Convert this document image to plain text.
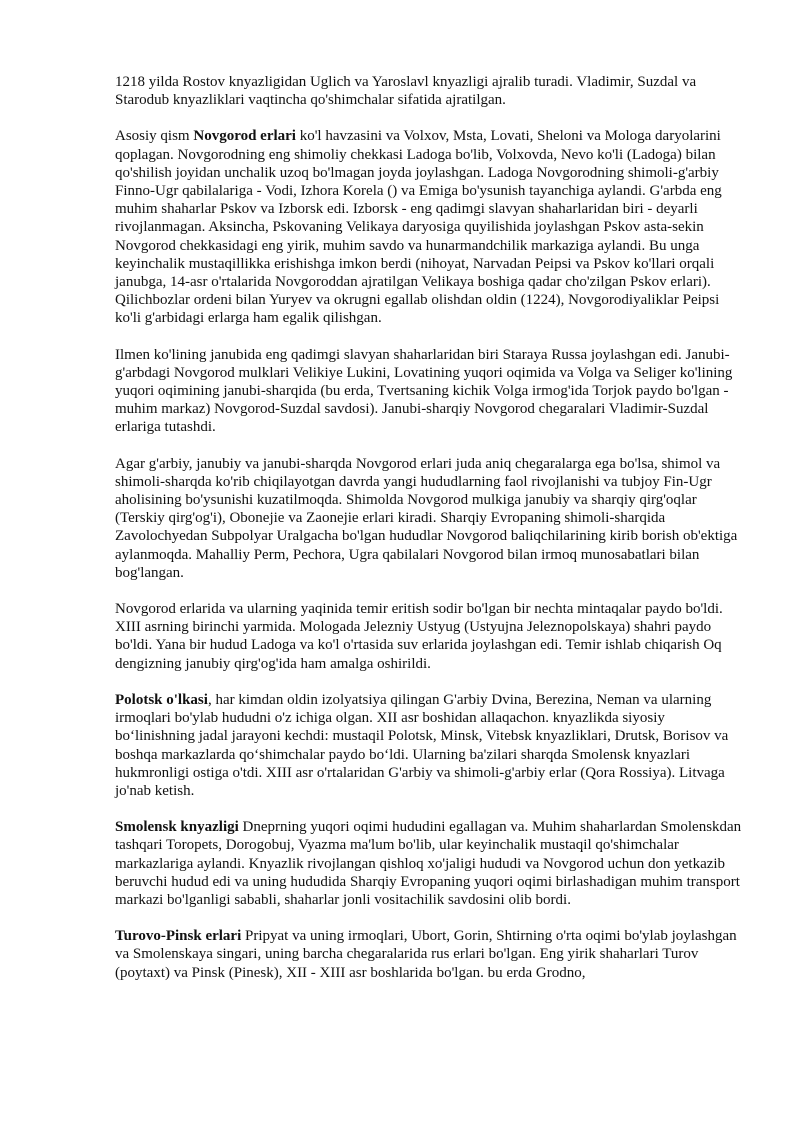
1218 yilda Rostov knyazligidan Uglich va Yaroslavl knyazligi ajralib turadi. Vladimir, Suzdal va Starodub knyazliklari vaqtincha qo'shimchalar sifatida ajratilgan.

Asosiy qism Novgorod erlari ko'l havzasini va Volxov, Msta, Lovati, Sheloni va Mologa daryolarini qoplagan. Novgorodning eng shimoliy chekkasi Ladoga bo'lib, Volxovda, Nevo ko'li (Ladoga) bilan qo'shilish joyidan unchalik uzoq bo'lmagan joyda joylashgan. Ladoga Novgorodning shimoli-g'arbiy Finno-Ugr qabilalariga - Vodi, Izhora Korela () va Emiga bo'ysunish tayanchiga aylandi. G'arbda eng muhim shaharlar Pskov va Izborsk edi. Izborsk - eng qadimgi slavyan shaharlaridan biri - deyarli rivojlanmagan. Aksincha, Pskovaning Velikaya daryosiga quyilishida joylashgan Pskov asta-sekin Novgorod chekkasidagi eng yirik, muhim savdo va hunarmandchilik markaziga aylandi. Bu unga keyinchalik mustaqillikka erishishga imkon berdi (nihoyat, Narvadan Peipsi va Pskov ko'llari orqali janubga, 14-asr o'rtalarida Novgoroddan ajratilgan Velikaya boshiga qadar cho'zilgan Pskov erlari). Qilichbozlar ordeni bilan Yuryev va okrugni egallab olishdan oldin (1224), Novgorodiyaliklar Peipsi ko'li g'arbidagi erlarga ham egalik qilishgan.

Ilmen ko'lining janubida eng qadimgi slavyan shaharlaridan biri Staraya Russa joylashgan edi. Janubi-g'arbdagi Novgorod mulklari Velikiye Lukini, Lovatining yuqori oqimida va Volga va Seliger ko'lining yuqori oqimining janubi-sharqida (bu erda, Tvertsaning kichik Volga irmog'ida Torjok paydo bo'lgan - muhim markaz) Novgorod-Suzdal savdosi). Janubi-sharqiy Novgorod chegaralari Vladimir-Suzdal erlariga tutashdi.

Agar g'arbiy, janubiy va janubi-sharqda Novgorod erlari juda aniq chegaralarga ega bo'lsa, shimol va shimoli-sharqda ko'rib chiqilayotgan davrda yangi hududlarning faol rivojlanishi va tubjoy Fin-Ugr aholisining bo'ysunishi kuzatilmoqda. Shimolda Novgorod mulkiga janubiy va sharqiy qirg'oqlar (Terskiy qirg'og'i), Obonejie va Zaonejie erlari kiradi. Sharqiy Evropaning shimoli-sharqida Zavolochyedan Subpolyar Uralgacha bo'lgan hududlar Novgorod baliqchilarining kirib borish ob'ektiga aylanmoqda. Mahalliy Perm, Pechora, Ugra qabilalari Novgorod bilan irmoq munosabatlari bilan bog'langan.

Novgorod erlarida va ularning yaqinida temir eritish sodir bo'lgan bir nechta mintaqalar paydo bo'ldi. XIII asrning birinchi yarmida. Mologada Jelezniy Ustyug (Ustyujna Jeleznopolskaya) shahri paydo bo'ldi. Yana bir hudud Ladoga va ko'l o'rtasida suv erlarida joylashgan edi. Temir ishlab chiqarish Oq dengizning janubiy qirg'og'ida ham amalga oshirildi.

Polotsk o'lkasi, har kimdan oldin izolyatsiya qilingan G'arbiy Dvina, Berezina, Neman va ularning irmoqlari bo'ylab hududni o'z ichiga olgan. XII asr boshidan allaqachon. knyazlikda siyosiy bo‘linishning jadal jarayoni kechdi: mustaqil Polotsk, Minsk, Vitebsk knyazliklari, Drutsk, Borisov va boshqa markazlarda qo‘shimchalar paydo bo‘ldi. Ularning ba'zilari sharqda Smolensk knyazlari hukmronligi ostiga o'tdi. XIII asr o'rtalaridan G'arbiy va shimoli-g'arbiy erlar (Qora Rossiya). Litvaga jo'nab ketish.

Smolensk knyazligi Dneprning yuqori oqimi hududini egallagan va. Muhim shaharlardan Smolenskdan tashqari Toropets, Dorogobuj, Vyazma ma'lum bo'lib, ular keyinchalik mustaqil qo'shimchalar markazlariga aylandi. Knyazlik rivojlangan qishloq xo'jaligi hududi va Novgorod uchun don yetkazib beruvchi hudud edi va uning hududida Sharqiy Evropaning yuqori oqimi birlashadigan muhim transport markazi bo'lganligi sababli, shaharlar jonli vositachilik savdosini olib bordi.

Turovo-Pinsk erlari Pripyat va uning irmoqlari, Ubort, Gorin, Shtirning o'rta oqimi bo'ylab joylashgan va Smolenskaya singari, uning barcha chegaralarida rus erlari bo'lgan. Eng yirik shaharlari Turov (poytaxt) va Pinsk (Pinesk), XII - XIII asr boshlarida bo'lgan. bu erda Grodno,
